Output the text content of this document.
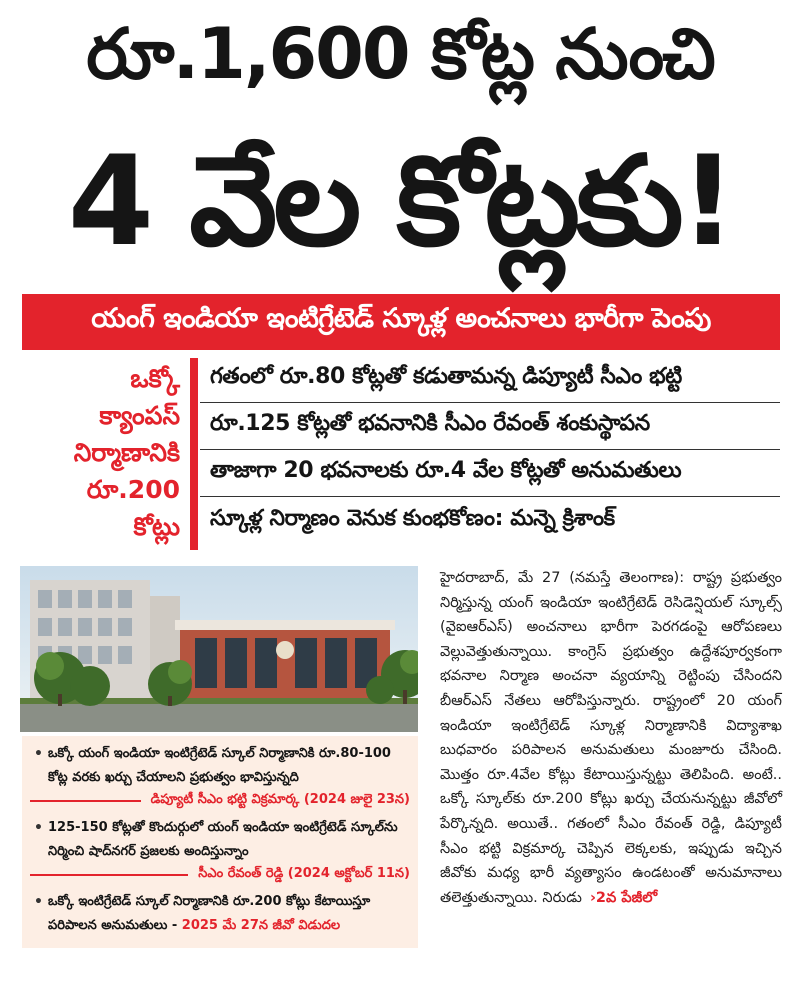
రూ.1,600 కోట్ల నుంచి
4 వేల కోట్లకు!
యంగ్ ఇండియా ఇంటిగ్రేటెడ్ స్కూళ్ల అంచనాలు భారీగా పెంపు
ఒక్కో
క్యాంపస్
నిర్మాణానికి
రూ.200
కోట్లు
గతంలో రూ.80 కోట్లతో కడుతామన్న డిప్యూటీ సీఎం భట్టి
రూ.125 కోట్లతో భవనానికి సీఎం రేవంత్ శంకుస్థాపన
తాజాగా 20 భవనాలకు రూ.4 వేల కోట్లతో అనుమతులు
స్కూళ్ల నిర్మాణం వెనుక కుంభకోణం: మన్నె క్రిశాంక్
• ఒక్కో యంగ్ ఇండియా ఇంటిగ్రేటెడ్ స్కూల్ నిర్మాణానికి రూ.80-100 కోట్ల వరకు ఖర్చు చేయాలని ప్రభుత్వం భావిస్తున్నది
డిప్యూటీ సీఎం భట్టి విక్రమార్క (2024 జులై 23న)
• 125-150 కోట్లతో కొందుర్గులో యంగ్ ఇండియా ఇంటిగ్రేటెడ్ స్కూల్‌ను నిర్మించి షాద్‌నగర్ ప్రజలకు అందిస్తున్నాం
సీఎం రేవంత్ రెడ్డి (2024 అక్టోబర్ 11న)
• ఒక్కో ఇంటిగ్రేటెడ్ స్కూల్ నిర్మాణానికి రూ.200 కోట్లు కేటాయిస్తూ పరిపాలన అనుమతులు - 2025 మే 27న జీవో విడుదల
హైదరాబాద్, మే 27 (నమస్తే తెలంగాణ): రాష్ట్ర ప్రభుత్వం నిర్మిస్తున్న యంగ్ ఇండియా ఇంటిగ్రేటెడ్ రెసిడెన్షియల్ స్కూల్స్ (వైఐఆర్ఎస్) అంచనాలు భారీగా పెరగడంపై ఆరోపణలు వెల్లువెత్తుతున్నాయి. కాంగ్రెస్ ప్రభుత్వం ఉద్దేశపూర్వకంగా భవనాల నిర్మాణ అంచనా వ్యయాన్ని రెట్టింపు చేసిందని బీఆర్ఎస్ నేతలు ఆరోపిస్తున్నారు. రాష్ట్రంలో 20 యంగ్ ఇండియా ఇంటిగ్రేటెడ్ స్కూళ్ల నిర్మాణానికి విద్యాశాఖ బుధవారం పరిపాలన అనుమతులు మంజూరు చేసింది. మొత్తం రూ.4వేల కోట్లు కేటాయిస్తున్నట్టు తెలిపింది. అంటే.. ఒక్కో స్కూల్‌కు రూ.200 కోట్లు ఖర్చు చేయనున్నట్టు జీవోలో పేర్కొన్నది. అయితే.. గతంలో సీఎం రేవంత్ రెడ్డి, డిప్యూటీ సీఎం భట్టి విక్రమార్క చెప్పిన లెక్కలకు, ఇప్పుడు ఇచ్చిన జీవోకు మధ్య భారీ వ్యత్యాసం ఉండటంతో అనుమానాలు తలెత్తుతున్నాయి. నిరుడు ›2వ పేజీలో
